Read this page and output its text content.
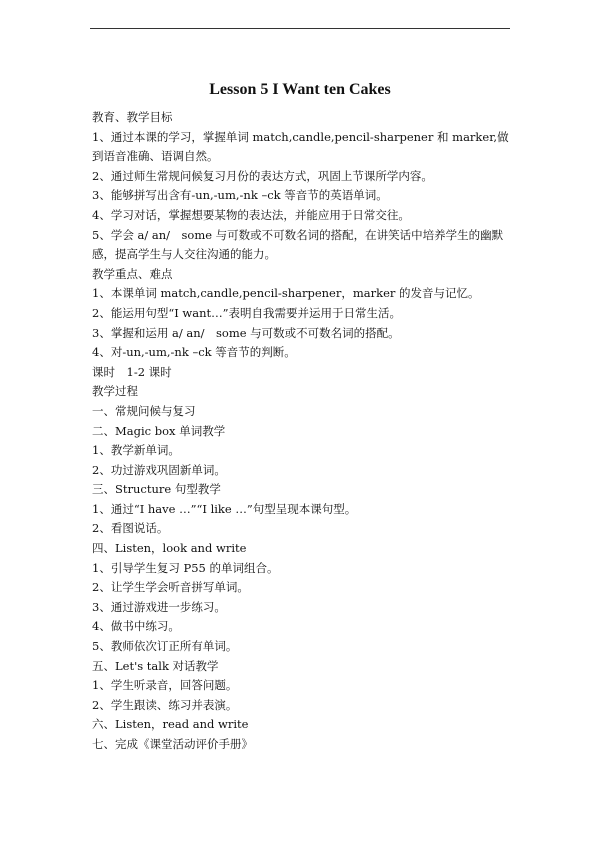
Lesson 5 I Want ten Cakes
教育、教学目标
1、通过本课的学习，掌握单词 match,candle,pencil-sharpener 和 marker,做到语音准确、语调自然。
2、通过师生常规问候复习月份的表达方式，巩固上节课所学内容。
3、能够拼写出含有-un,-um,-nk –ck 等音节的英语单词。
4、学习对话，掌握想要某物的表达法，并能应用于日常交往。
5、学会 a/ an/　some 与可数或不可数名词的搭配，在讲笑话中培养学生的幽默感，提高学生与人交往沟通的能力。
教学重点、难点
1、本课单词 match,candle,pencil-sharpener，marker 的发音与记忆。
2、能运用句型“I want…”表明自我需要并运用于日常生活。
3、掌握和运用 a/ an/　some 与可数或不可数名词的搭配。
4、对-un,-um,-nk –ck 等音节的判断。
课时　1-2 课时
教学过程
一、常规问候与复习
二、Magic box 单词教学
1、教学新单词。
2、功过游戏巩固新单词。
三、Structure 句型教学
1、通过“I have …”“I like …”句型呈现本课句型。
2、看图说话。
四、Listen，look and write
1、引导学生复习 P55 的单词组合。
2、让学生学会听音拼写单词。
3、通过游戏进一步练习。
4、做书中练习。
5、教师依次订正所有单词。
五、Let's talk 对话教学
1、学生听录音，回答问题。
2、学生跟读、练习并表演。
六、Listen，read and write
七、完成《课堂活动评价手册》
